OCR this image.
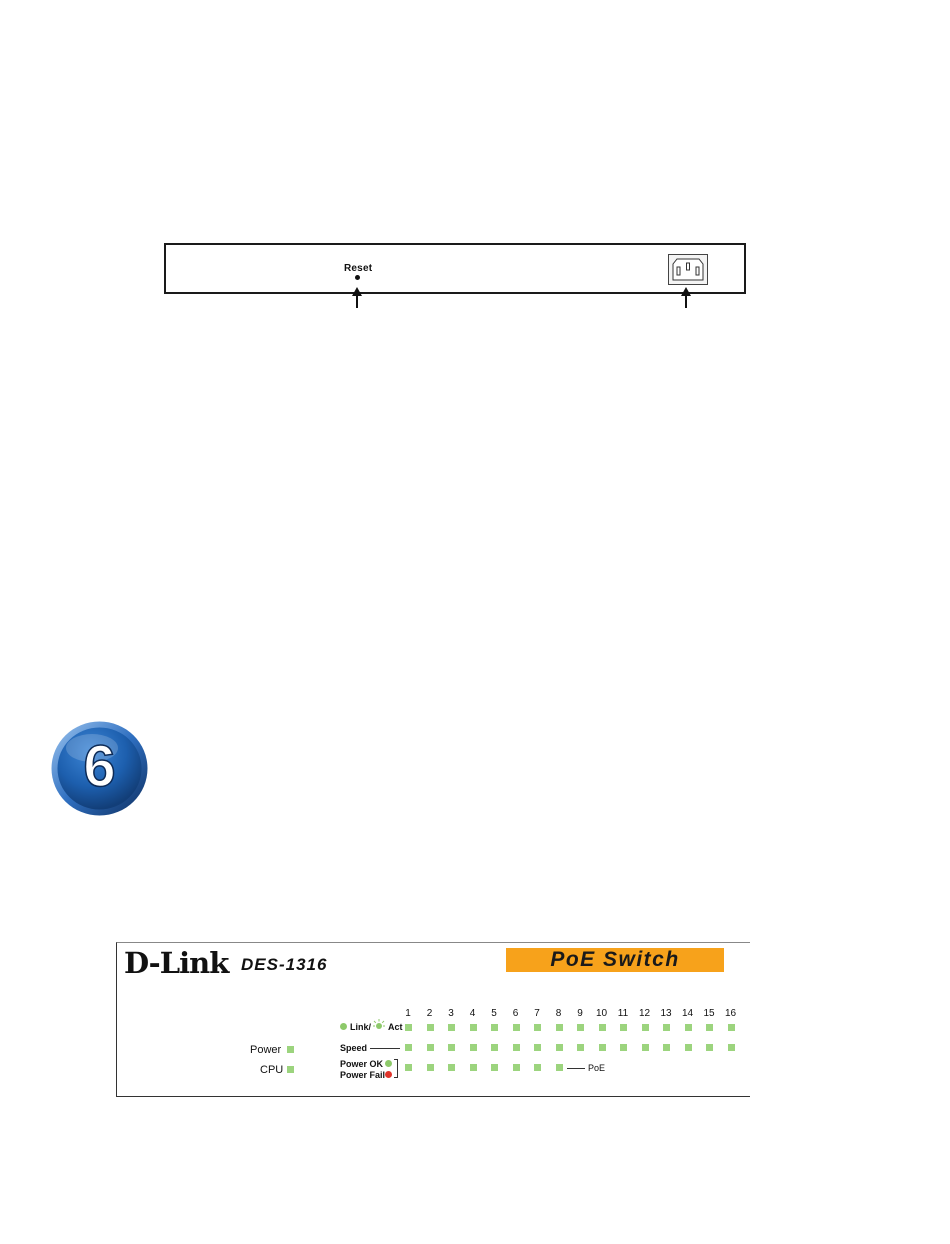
Reset
6
D-Link DES-1316	PoE Switch
Power
CPU
Link/ Act
Speed
Power OK
Power Fail
1	2	3	4	5	6	7	8	9	10	11	12	13	14	15	16
PoE
